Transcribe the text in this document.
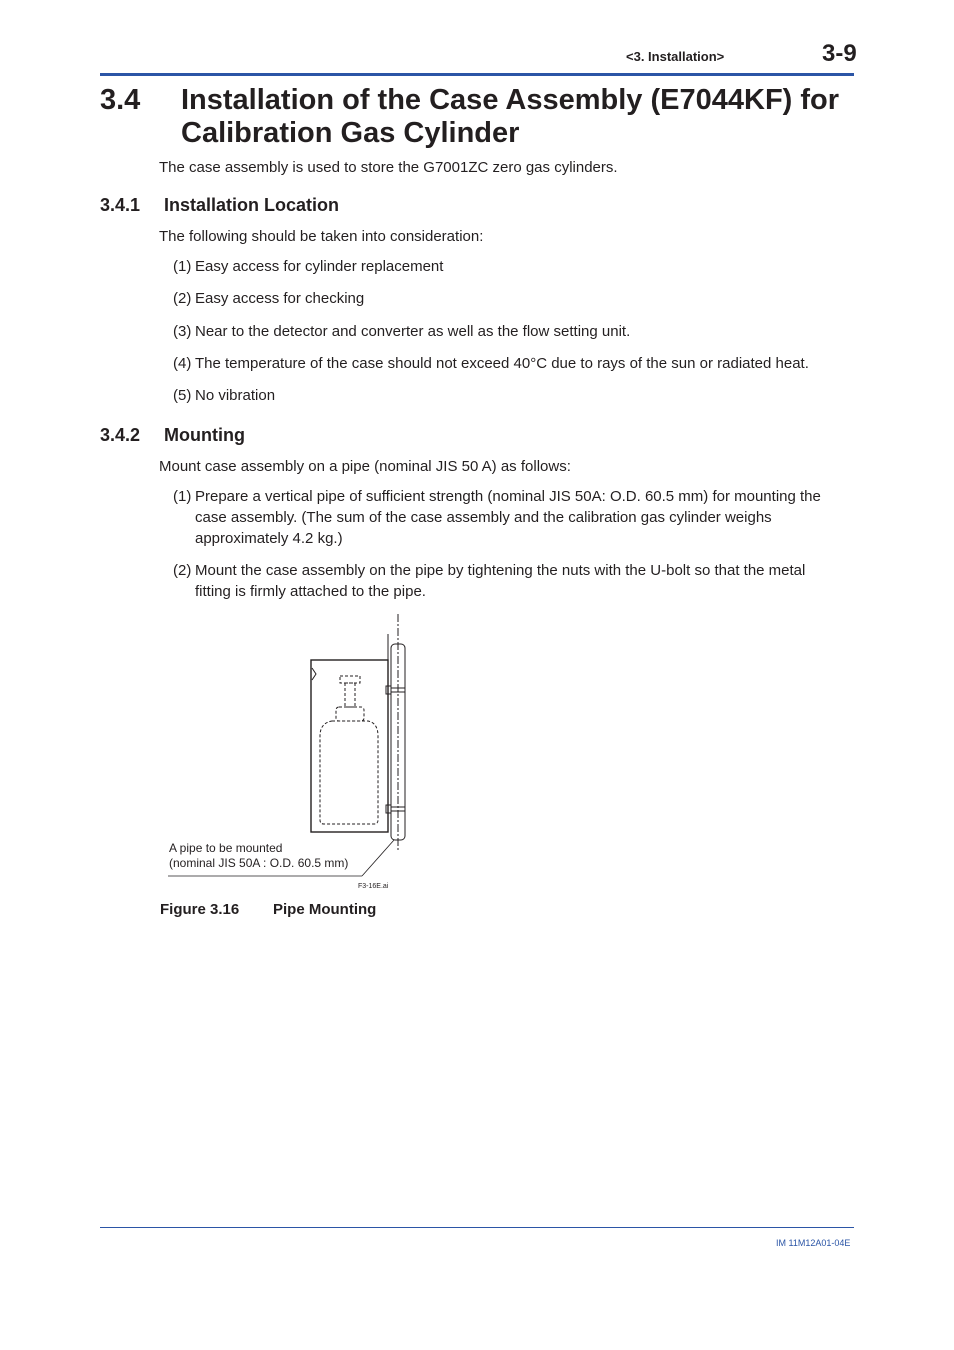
<3. Installation>	3-9
3.4 Installation of the Case Assembly (E7044KF) for Calibration Gas Cylinder
The case assembly is used to store the G7001ZC zero gas cylinders.
3.4.1 Installation Location
The following should be taken into consideration:
(1) Easy access for cylinder replacement
(2) Easy access for checking
(3) Near to the detector and converter as well as the flow setting unit.
(4) The temperature of the case should not exceed 40°C due to rays of the sun or radiated heat.
(5) No vibration
3.4.2 Mounting
Mount case assembly on a pipe (nominal JIS 50 A) as follows:
(1) Prepare a vertical pipe of sufficient strength (nominal JIS 50A: O.D. 60.5 mm) for mounting the case assembly. (The sum of the case assembly and the calibration gas cylinder weighs approximately 4.2 kg.)
(2) Mount the case assembly on the pipe by tightening the nuts with the U-bolt so that the metal fitting is firmly attached to the pipe.
A pipe to be mounted
(nominal JIS 50A : O.D. 60.5 mm)
F3-16E.ai
Figure 3.16 Pipe Mounting
IM 11M12A01-04E
